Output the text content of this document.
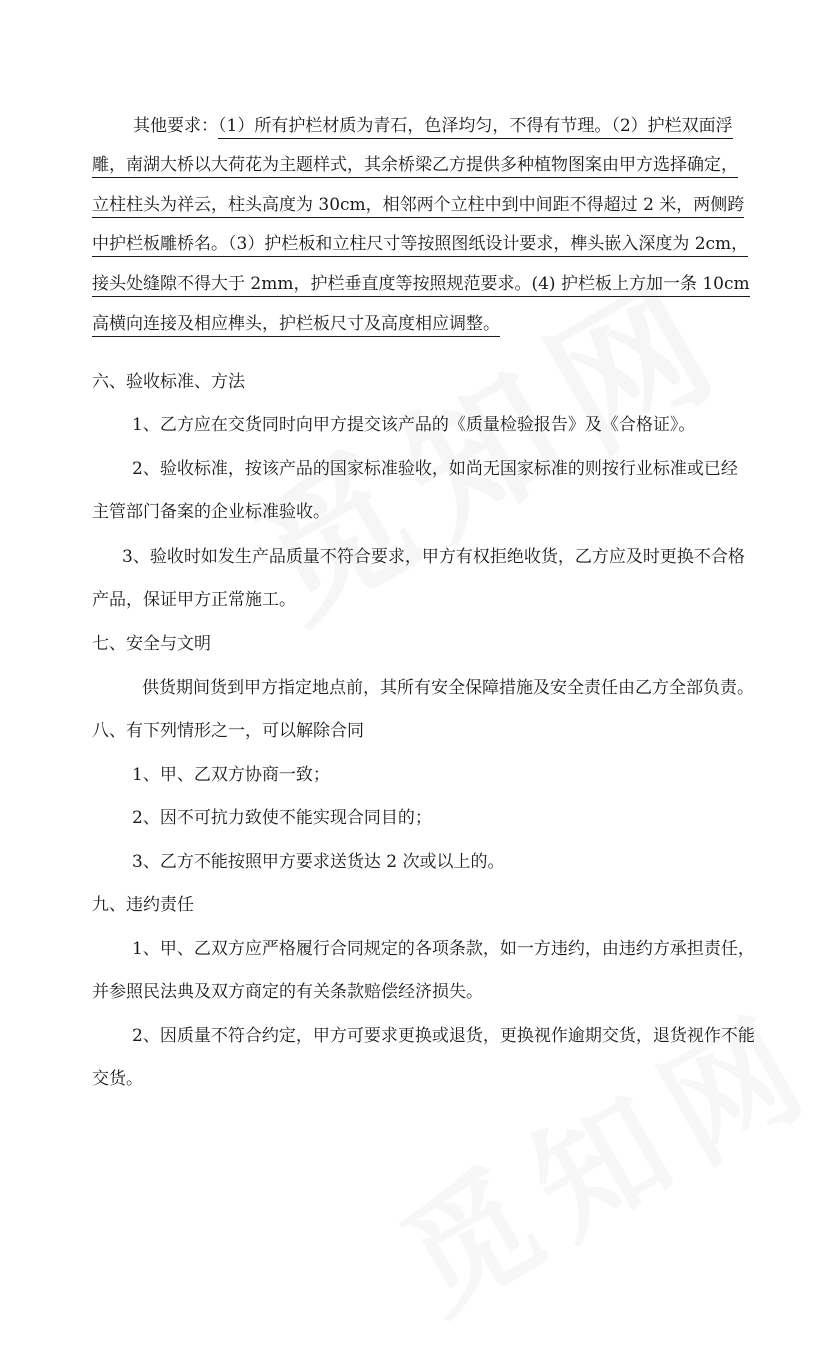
其他要求：（1）所有护栏材质为青石，色泽均匀，不得有节理。（2）护栏双面浮
雕，南湖大桥以大荷花为主题样式，其余桥梁乙方提供多种植物图案由甲方选择确定，
立柱柱头为祥云，柱头高度为 30cm，相邻两个立柱中到中间距不得超过 2 米，两侧跨
中护栏板雕桥名。（3）护栏板和立柱尺寸等按照图纸设计要求，榫头嵌入深度为 2cm，
接头处缝隙不得大于 2mm，护栏垂直度等按照规范要求。(4) 护栏板上方加一条 10cm
高横向连接及相应榫头，护栏板尺寸及高度相应调整。
六、验收标准、方法
1、乙方应在交货同时向甲方提交该产品的《质量检验报告》及《合格证》。
2、验收标准，按该产品的国家标准验收，如尚无国家标准的则按行业标准或已经
主管部门备案的企业标准验收。
3、验收时如发生产品质量不符合要求，甲方有权拒绝收货，乙方应及时更换不合格
产品，保证甲方正常施工。
七、安全与文明
供货期间货到甲方指定地点前，其所有安全保障措施及安全责任由乙方全部负责。
八、有下列情形之一，可以解除合同
1、甲、乙双方协商一致；
2、因不可抗力致使不能实现合同目的；
3、乙方不能按照甲方要求送货达 2 次或以上的。
九、违约责任
1、甲、乙双方应严格履行合同规定的各项条款，如一方违约，由违约方承担责任，
并参照民法典及双方商定的有关条款赔偿经济损失。
2、因质量不符合约定，甲方可要求更换或退货，更换视作逾期交货，退货视作不能
交货。
